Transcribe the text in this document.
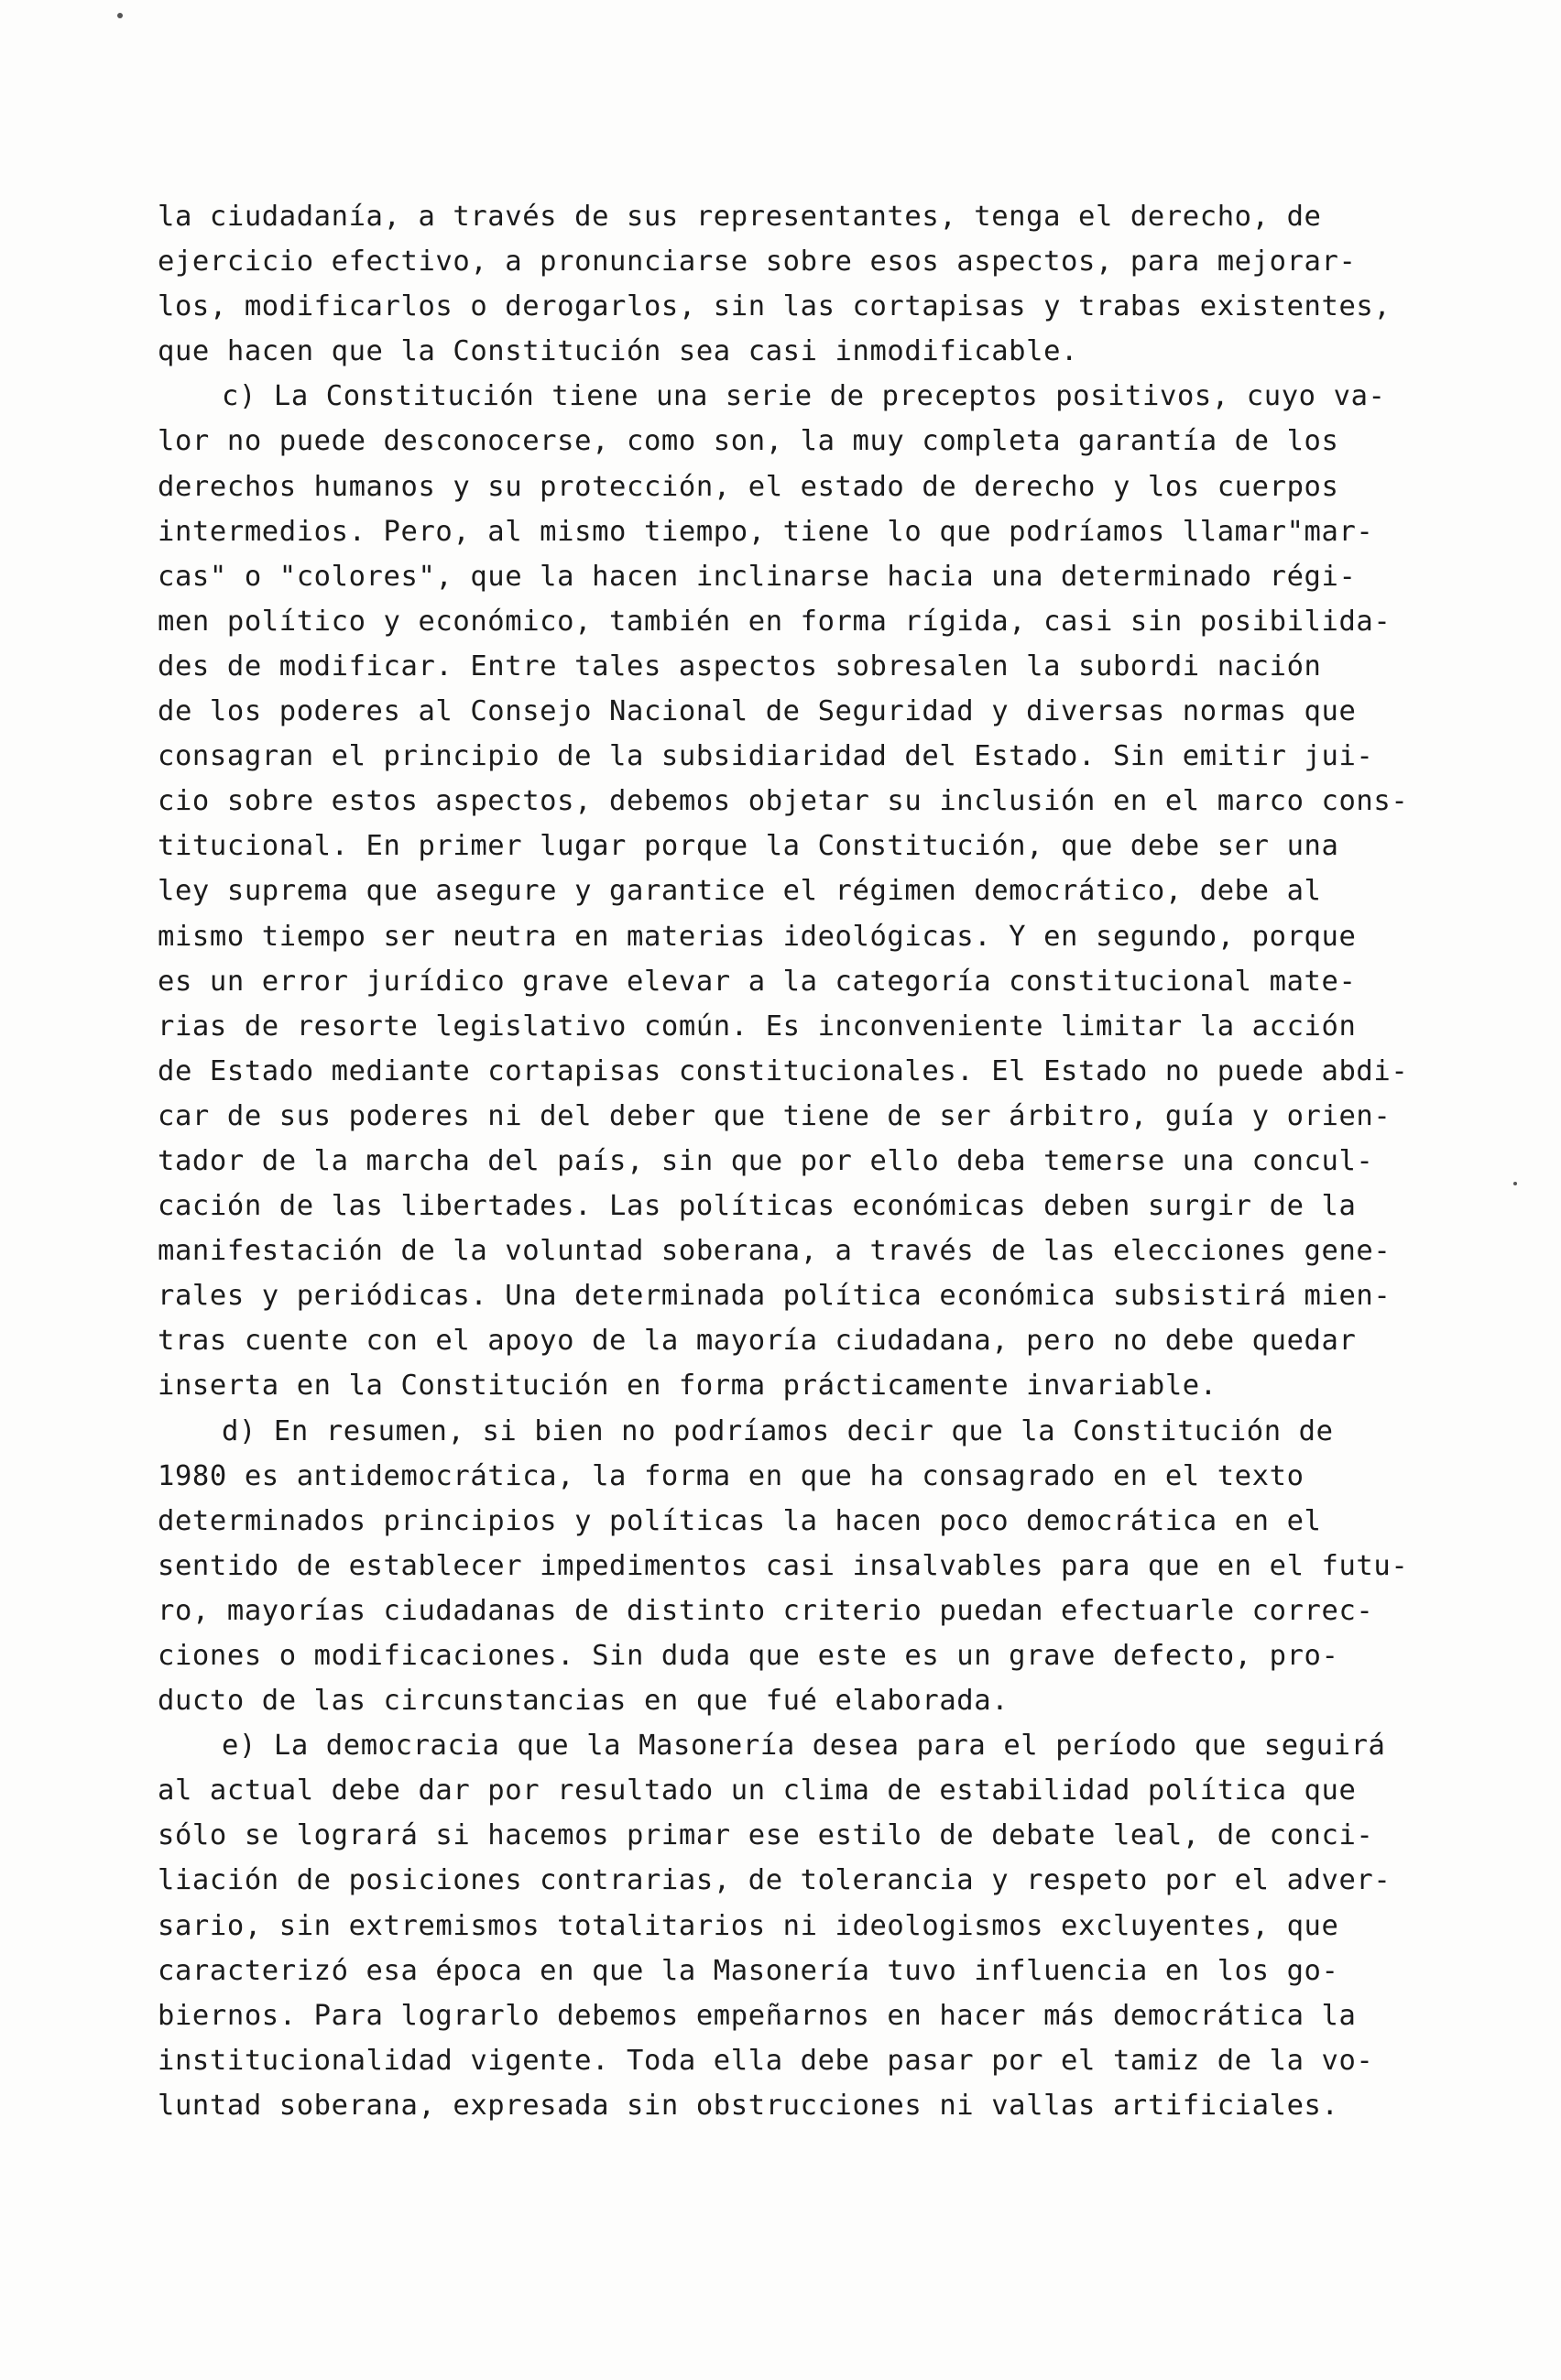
la ciudadanía, a través de sus representantes, tenga el derecho, de
ejercicio efectivo, a pronunciarse sobre esos aspectos, para mejorar-
los, modificarlos o derogarlos, sin las cortapisas y trabas existentes,
que hacen que la Constitución sea casi inmodificable.
c) La Constitución tiene una serie de preceptos positivos, cuyo va-
lor no puede desconocerse, como son, la muy completa garantía de los
derechos humanos y su protección, el estado de derecho y los cuerpos
intermedios. Pero, al mismo tiempo, tiene lo que podríamos llamar"mar-
cas" o "colores", que la hacen inclinarse hacia una determinado régi-
men político y económico, también en forma rígida, casi sin posibilida-
des de modificar. Entre tales aspectos sobresalen la subordi nación
de los poderes al Consejo Nacional de Seguridad y diversas normas que
consagran el principio de la subsidiaridad del Estado. Sin emitir jui-
cio sobre estos aspectos, debemos objetar su inclusión en el marco cons-
titucional. En primer lugar porque la Constitución, que debe ser una
ley suprema que asegure y garantice el régimen democrático, debe al
mismo tiempo ser neutra en materias ideológicas. Y en segundo, porque
es un error jurídico grave elevar a la categoría constitucional mate-
rias de resorte legislativo común. Es inconveniente limitar la acción
de Estado mediante cortapisas constitucionales. El Estado no puede abdi-
car de sus poderes ni del deber que tiene de ser árbitro, guía y orien-
tador de la marcha del país, sin que por ello deba temerse una concul-
cación de las libertades. Las políticas económicas deben surgir de la
manifestación de la voluntad soberana, a través de las elecciones gene-
rales y periódicas. Una determinada política económica subsistirá mien-
tras cuente con el apoyo de la mayoría ciudadana, pero no debe quedar
inserta en la Constitución en forma prácticamente invariable.
d) En resumen, si bien no podríamos decir que la Constitución de
1980 es antidemocrática, la forma en que ha consagrado en el texto
determinados principios y políticas la hacen poco democrática en el
sentido de establecer impedimentos casi insalvables para que en el futu-
ro, mayorías ciudadanas de distinto criterio puedan efectuarle correc-
ciones o modificaciones. Sin duda que este es un grave defecto, pro-
ducto de las circunstancias en que fué elaborada.
e) La democracia que la Masonería desea para el período que seguirá
al actual debe dar por resultado un clima de estabilidad política que
sólo se logrará si hacemos primar ese estilo de debate leal, de conci-
liación de posiciones contrarias, de tolerancia y respeto por el adver-
sario, sin extremismos totalitarios ni ideologismos excluyentes, que
caracterizó esa época en que la Masonería tuvo influencia en los go-
biernos. Para lograrlo debemos empeñarnos en hacer más democrática la
institucionalidad vigente. Toda ella debe pasar por el tamiz de la vo-
luntad soberana, expresada sin obstrucciones ni vallas artificiales.
